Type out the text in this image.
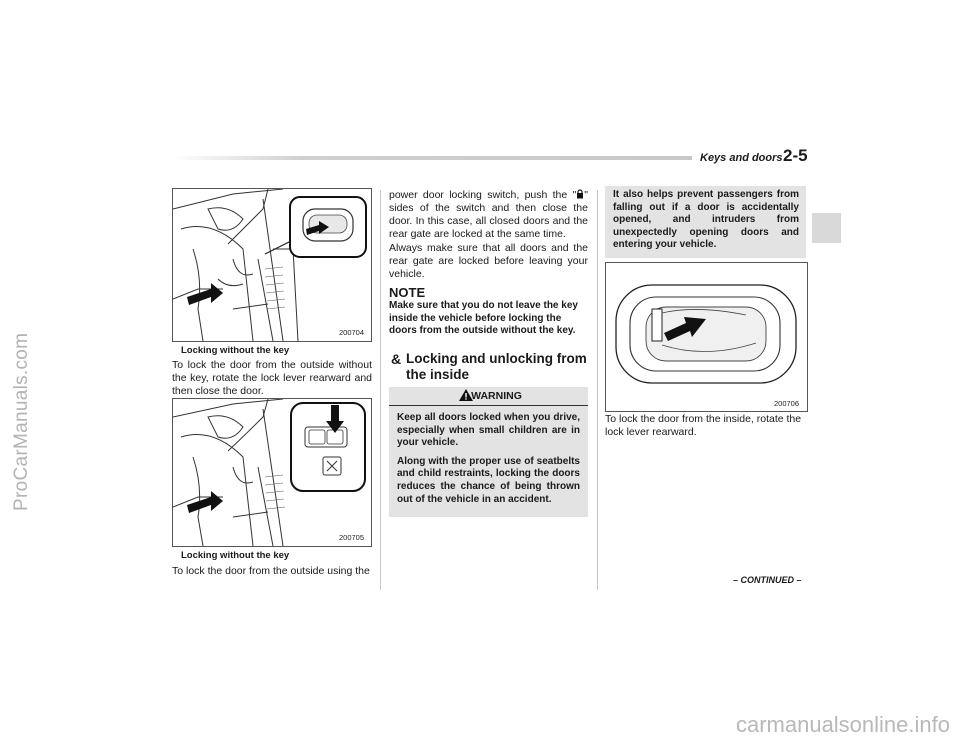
ProCarManuals.com
carmanualsonline.info
Keys and doors 2-5
200704
Locking without the key
To lock the door from the outside without the key, rotate the lock lever rearward and then close the door.
200705
Locking without the key
To lock the door from the outside using the
power door locking switch, push the " " sides of the switch and then close the door. In this case, all closed doors and the rear gate are locked at the same time.
Always make sure that all doors and the rear gate are locked before leaving your vehicle.
NOTE
Make sure that you do not leave the key inside the vehicle before locking the doors from the outside without the key.
& Locking and unlocking from the inside
WARNING

Keep all doors locked when you drive, especially when small children are in your vehicle.

Along with the proper use of seatbelts and child restraints, locking the doors reduces the chance of being thrown out of the vehicle in an accident.

It also helps prevent passengers from falling out if a door is accidentally opened, and intruders from unexpectedly opening doors and entering your vehicle.
200706
To lock the door from the inside, rotate the lock lever rearward.
– CONTINUED –
